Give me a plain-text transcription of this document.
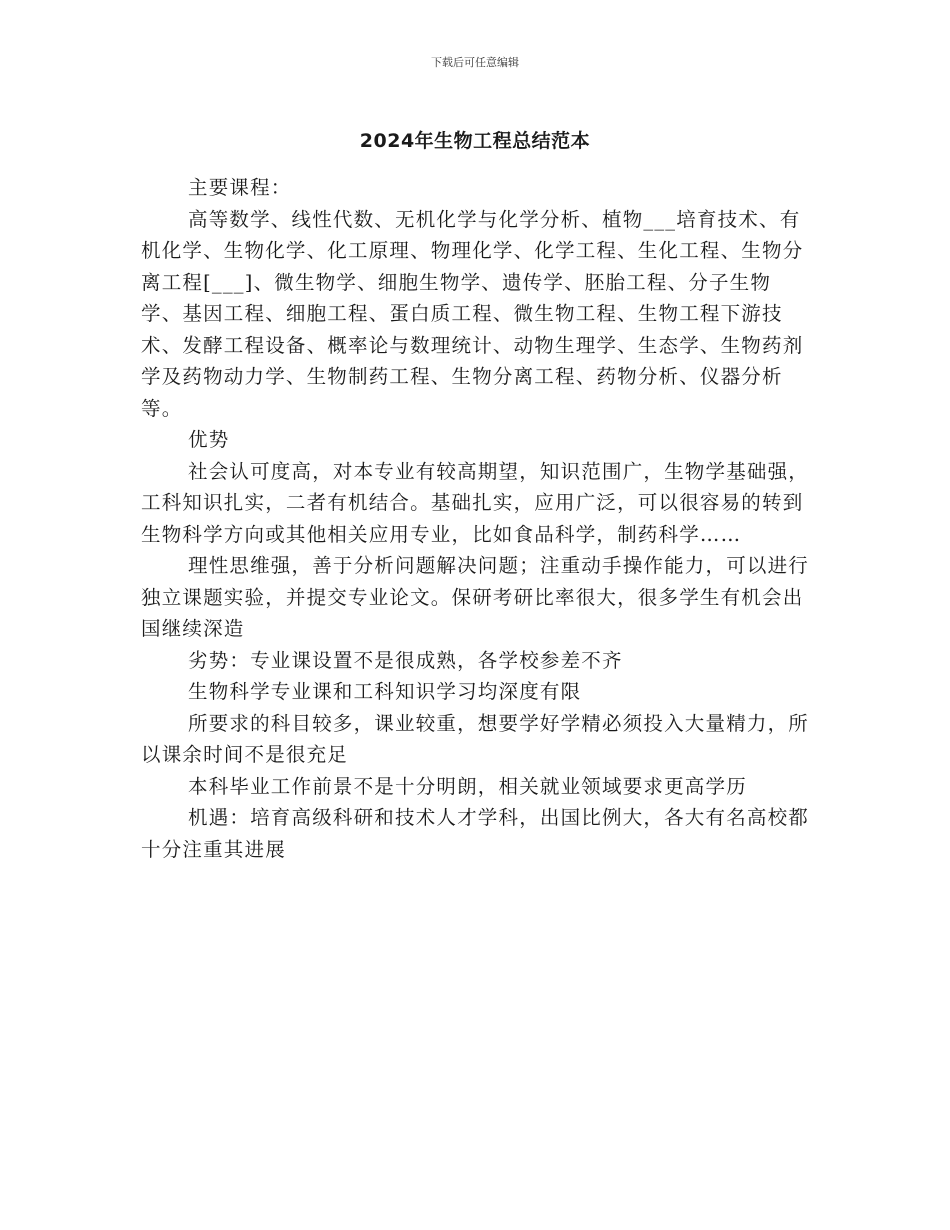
下载后可任意编辑
2024年生物工程总结范本

主要课程：

高等数学、线性代数、无机化学与化学分析、植物___培育技术、有机化学、生物化学、化工原理、物理化学、化学工程、生化工程、生物分离工程[___]、微生物学、细胞生物学、遗传学、胚胎工程、分子生物学、基因工程、细胞工程、蛋白质工程、微生物工程、生物工程下游技术、发酵工程设备、概率论与数理统计、动物生理学、生态学、生物药剂学及药物动力学、生物制药工程、生物分离工程、药物分析、仪器分析等。

优势

社会认可度高，对本专业有较高期望，知识范围广，生物学基础强，工科知识扎实，二者有机结合。基础扎实，应用广泛，可以很容易的转到生物科学方向或其他相关应用专业，比如食品科学，制药科学……

理性思维强，善于分析问题解决问题；注重动手操作能力，可以进行独立课题实验，并提交专业论文。保研考研比率很大，很多学生有机会出国继续深造

劣势：专业课设置不是很成熟，各学校参差不齐

生物科学专业课和工科知识学习均深度有限

所要求的科目较多，课业较重，想要学好学精必须投入大量精力，所以课余时间不是很充足

本科毕业工作前景不是十分明朗，相关就业领域要求更高学历

机遇：培育高级科研和技术人才学科，出国比例大，各大有名高校都十分注重其进展
